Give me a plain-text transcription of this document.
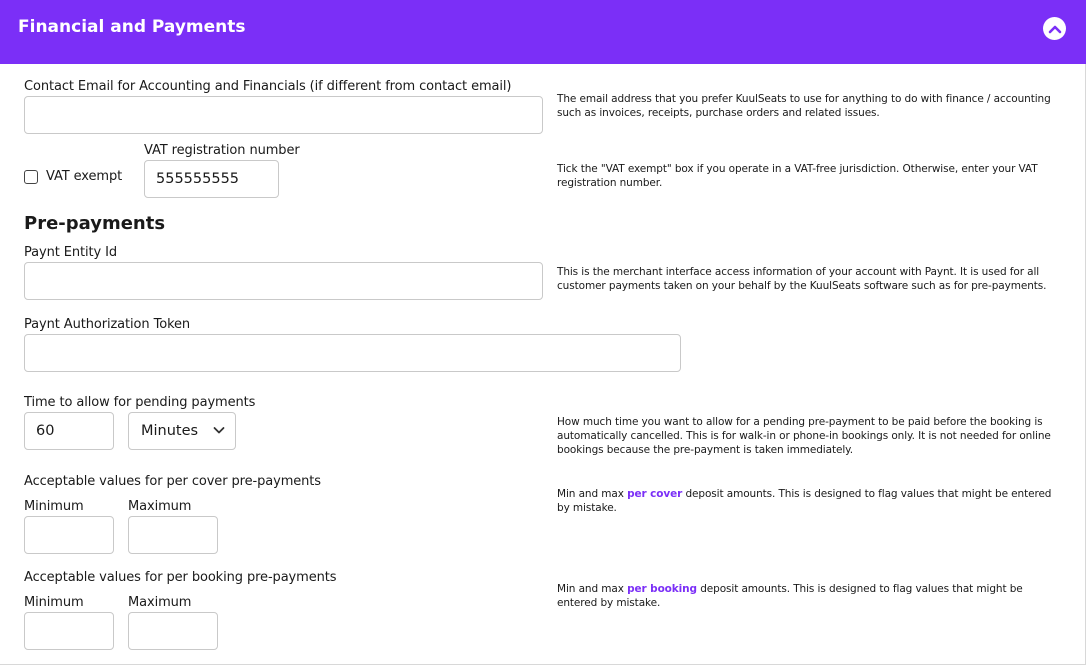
Financial and Payments
Contact Email for Accounting and Financials (if different from contact email)
The email address that you prefer KuulSeats to use for anything to do with finance / accounting such as invoices, receipts, purchase orders and related issues.
VAT exempt
VAT registration number
555555555
Tick the "VAT exempt" box if you operate in a VAT-free jurisdiction. Otherwise, enter your VAT registration number.
Pre-payments
Paynt Entity Id
This is the merchant interface access information of your account with Paynt. It is used for all customer payments taken on your behalf by the KuulSeats software such as for pre-payments.
Paynt Authorization Token
Time to allow for pending payments
60
Minutes
How much time you want to allow for a pending pre-payment to be paid before the booking is automatically cancelled. This is for walk-in or phone-in bookings only. It is not needed for online bookings because the pre-payment is taken immediately.
Acceptable values for per cover pre-payments
Minimum	Maximum
Min and max per cover deposit amounts. This is designed to flag values that might be entered by mistake.
Acceptable values for per booking pre-payments
Minimum	Maximum
Min and max per booking deposit amounts. This is designed to flag values that might be entered by mistake.
